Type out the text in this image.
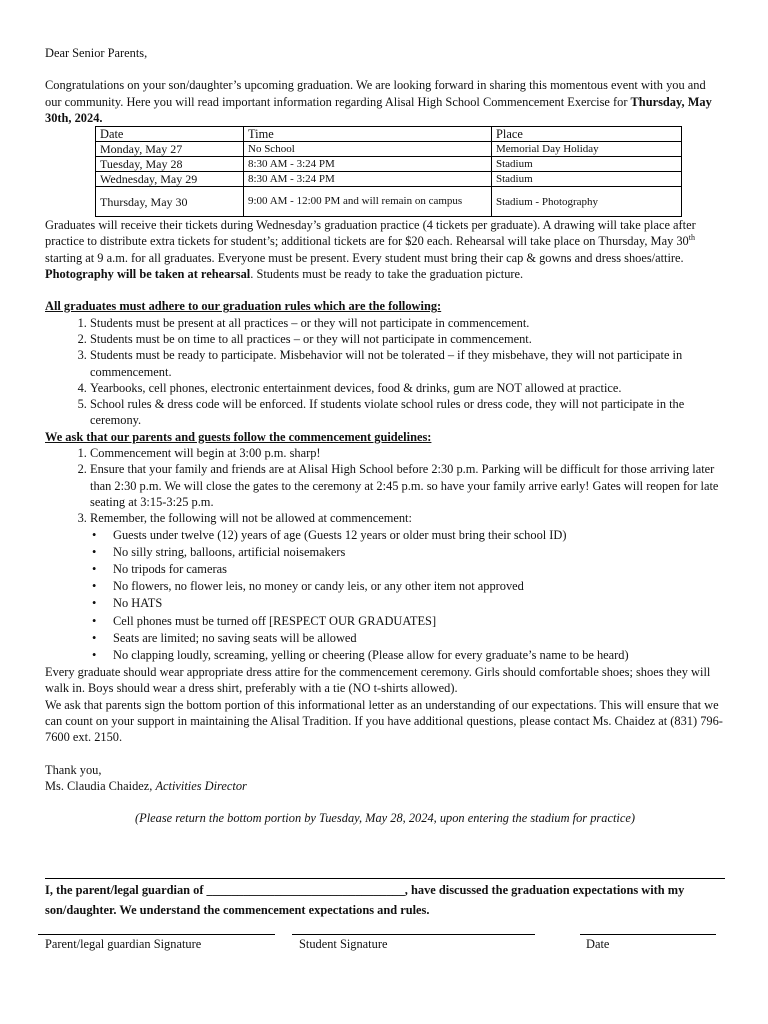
Dear Senior Parents,

Congratulations on your son/daughter’s upcoming graduation. We are looking forward in sharing this momentous event with you and our community. Here you will read important information regarding Alisal High School Commencement Exercise for Thursday, May 30th, 2024.

Date	Time	Place
Monday, May 27	No School	Memorial Day Holiday
Tuesday, May 28	8:30 AM - 3:24 PM	Stadium
Wednesday, May 29	8:30 AM - 3:24 PM	Stadium
Thursday, May 30	9:00 AM - 12:00 PM and will remain on campus	Stadium - Photography

Graduates will receive their tickets during Wednesday’s graduation practice (4 tickets per graduate). A drawing will take place after practice to distribute extra tickets for student’s; additional tickets are for $20 each. Rehearsal will take place on Thursday, May 30th starting at 9 a.m. for all graduates. Everyone must be present. Every student must bring their cap & gowns and dress shoes/attire. Photography will be taken at rehearsal. Students must be ready to take the graduation picture.

All graduates must adhere to our graduation rules which are the following:

1. Students must be present at all practices – or they will not participate in commencement.
2. Students must be on time to all practices – or they will not participate in commencement.
3. Students must be ready to participate. Misbehavior will not be tolerated – if they misbehave, they will not participate in commencement.
4. Yearbooks, cell phones, electronic entertainment devices, food & drinks, gum are NOT allowed at practice.
5. School rules & dress code will be enforced. If students violate school rules or dress code, they will not participate in the ceremony.

We ask that our parents and guests follow the commencement guidelines:

1. Commencement will begin at 3:00 p.m. sharp!
2. Ensure that your family and friends are at Alisal High School before 2:30 p.m. Parking will be difficult for those arriving later than 2:30 p.m. We will close the gates to the ceremony at 2:45 p.m. so have your family arrive early! Gates will reopen for late seating at 3:15-3:25 p.m.
3. Remember, the following will not be allowed at commencement:
• Guests under twelve (12) years of age (Guests 12 years or older must bring their school ID)
• No silly string, balloons, artificial noisemakers
• No tripods for cameras
• No flowers, no flower leis, no money or candy leis, or any other item not approved
• No HATS
• Cell phones must be turned off [RESPECT OUR GRADUATES]
• Seats are limited; no saving seats will be allowed
• No clapping loudly, screaming, yelling or cheering (Please allow for every graduate’s name to be heard)

Every graduate should wear appropriate dress attire for the commencement ceremony. Girls should comfortable shoes; shoes they will walk in. Boys should wear a dress shirt, preferably with a tie (NO t-shirts allowed).

We ask that parents sign the bottom portion of this informational letter as an understanding of our expectations. This will ensure that we can count on your support in maintaining the Alisal Tradition. If you have additional questions, please contact Ms. Chaidez at (831) 796-7600 ext. 2150.

Thank you,

Ms. Claudia Chaidez, Activities Director

(Please return the bottom portion by Tuesday, May 28, 2024, upon entering the stadium for practice)

I, the parent/legal guardian of ________________________________, have discussed the graduation expectations with my son/daughter. We understand the commencement expectations and rules.
Parent/legal guardian Signature	Student Signature	Date
